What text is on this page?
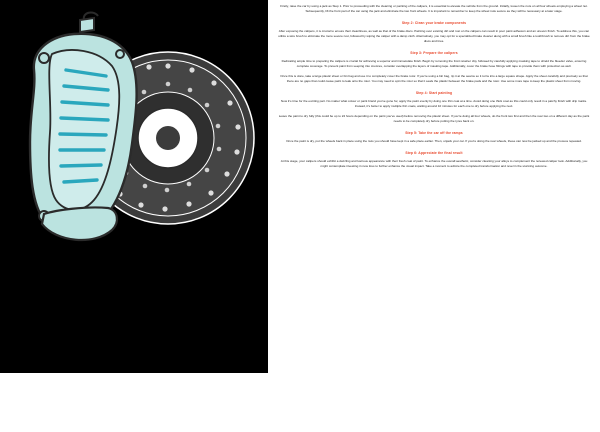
Firstly, raise the car by using a jack as Step 1. Prior to proceeding with the cleaning or painting of the calipers, it is essential to elevate the vehicle from the ground. Initially, loosen the nuts on all four wheels employing a wheel nut. Subsequently, lift the front part of the car using the jack and eliminate the two front wheels. It is important to remember to keep the wheel nuts secure as they will be necessary at a later stage.
Step 2: Clean your brake components
After exposing the calipers, it is crucial to ensure their cleanliness, as well as that of the brake discs. Painting over existing dirt and rust on the calipers can result in poor paint adhesion and an uneven finish. To address this, you can utilize a wire brush to eliminate the more severe rust, followed by wiping the caliper with a damp cloth. Alternatively, you may opt for a specialized brake cleaner along with a small brush like a toothbrush to remove dirt from the brake discs and tires.
Step 3: Prepare the calipers
Dedicating ample time to preparing the calipers is crucial for achieving a superior and immaculate finish. Begin by removing the front retainer clip, followed by carefully applying masking tape to shield the bleeder valve, ensuring complete coverage. To prevent paint from seeping into crevices, consider overlapping the layers of masking tape. Additionally, cover the brake hose fittings with tape to provide them with protection as well.
Once this is done, take a large plastic sheet or bin bag and use it to completely cover the brake rotor. If you're using a bin bag, rip it at the seams so it turns into a large square shape. Apply the sheet carefully and precisely so that there are no gaps that could cause paint to leak onto the rotor. You may need to spin the rotor so that it seals the plastic between the brake pads and the rotor. Use some more tape to keep the plastic sheet from moving.
Step 4: Start painting
Now it's time for the exciting part. No matter what colour or paint brand you've gone for, apply the paint evenly by doing one thin coat at a time. Avoid doing one thick coat as this could only result in a patchy finish with drip marks. Instead, it's better to apply multiple thin coats, waiting around 10 minutes for each one to dry before applying the next.
Leave the paint to dry fully (this could be up to 24 hours depending on the paint you've used) before removing the plastic sheet. If you're doing all four wheels, do the front two first and then the rear two on a different day as the paint needs to be completely dry before putting the tyres back on.
Step 5: Take the car off the ramps
Once the paint is dry, put the wheels back in place using the nuts you should have kept in a safe place earlier. Then, unjack your car. If you're doing the rear wheels, these can now be jacked up and the process repeated.
Step 6: Appreciate the final result
At this stage, your calipers should exhibit a dazzling and lustrous appearance with their fresh coat of paint. To enhance the overall aesthetic, consider cleaning your alloys to complement the renewed caliper look. Additionally, you might contemplate investing in new tires to further enhance the visual impact. Take a moment to admire the completed transformation and revel in the stunning outcome.
